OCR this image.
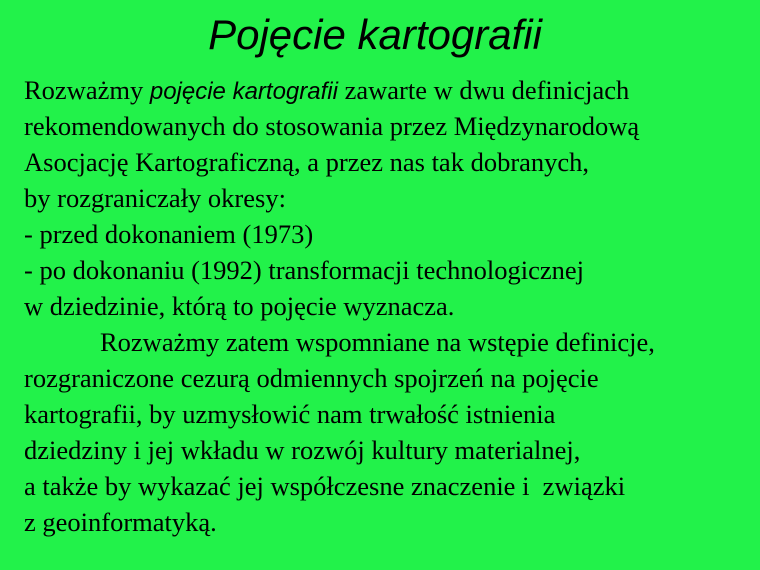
Pojęcie kartografii
Rozważmy pojęcie kartografii zawarte w dwu definicjach
rekomendowanych do stosowania przez Międzynarodową
Asocjację Kartograficzną, a przez nas tak dobranych,
by rozgraniczały okresy:
- przed dokonaniem (1973)
- po dokonaniu (1992) transformacji technologicznej
w dziedzinie, którą to pojęcie wyznacza.
Rozważmy zatem wspomniane na wstępie definicje,
rozgraniczone cezurą odmiennych spojrzeń na pojęcie
kartografii, by uzmysłowić nam trwałość istnienia
dziedziny i jej wkładu w rozwój kultury materialnej,
a także by wykazać jej współczesne znaczenie i  związki
z geoinformatyką.
